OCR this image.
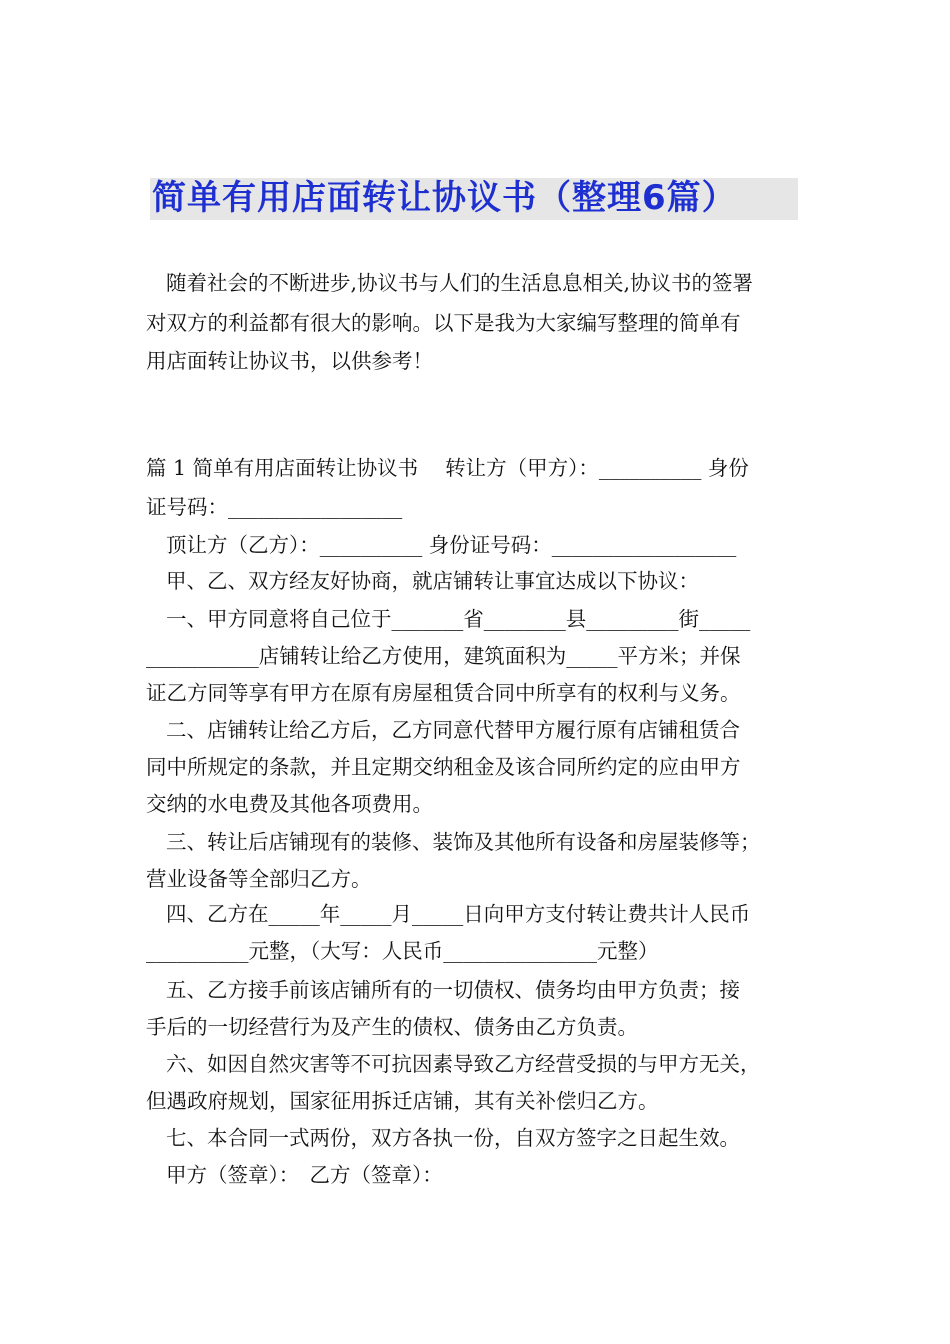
简单有用店面转让协议书（整理6篇）
随着社会的不断进步,协议书与人们的生活息息相关,协议书的签署
对双方的利益都有很大的影响。以下是我为大家编写整理的简单有
用店面转让协议书，以供参考！
篇 1 简单有用店面转让协议书　 转让方（甲方）：__________ 身份
证号码：_________________
顶让方（乙方）：__________ 身份证号码：__________________
甲、乙、双方经友好协商，就店铺转让事宜达成以下协议：
一、甲方同意将自己位于_______省________县_________街_____
___________店铺转让给乙方使用，建筑面积为_____平方米；并保
证乙方同等享有甲方在原有房屋租赁合同中所享有的权利与义务。
二、店铺转让给乙方后，乙方同意代替甲方履行原有店铺租赁合
同中所规定的条款，并且定期交纳租金及该合同所约定的应由甲方
交纳的水电费及其他各项费用。
三、转让后店铺现有的装修、装饰及其他所有设备和房屋装修等；
营业设备等全部归乙方。
四、乙方在_____年_____月_____日向甲方支付转让费共计人民币
__________元整，（大写：人民币_______________元整）
五、乙方接手前该店铺所有的一切债权、债务均由甲方负责；接
手后的一切经营行为及产生的债权、债务由乙方负责。
六、如因自然灾害等不可抗因素导致乙方经营受损的与甲方无关，
但遇政府规划，国家征用拆迁店铺，其有关补偿归乙方。
七、本合同一式两份，双方各执一份，自双方签字之日起生效。
甲方（签章）：　乙方（签章）：
